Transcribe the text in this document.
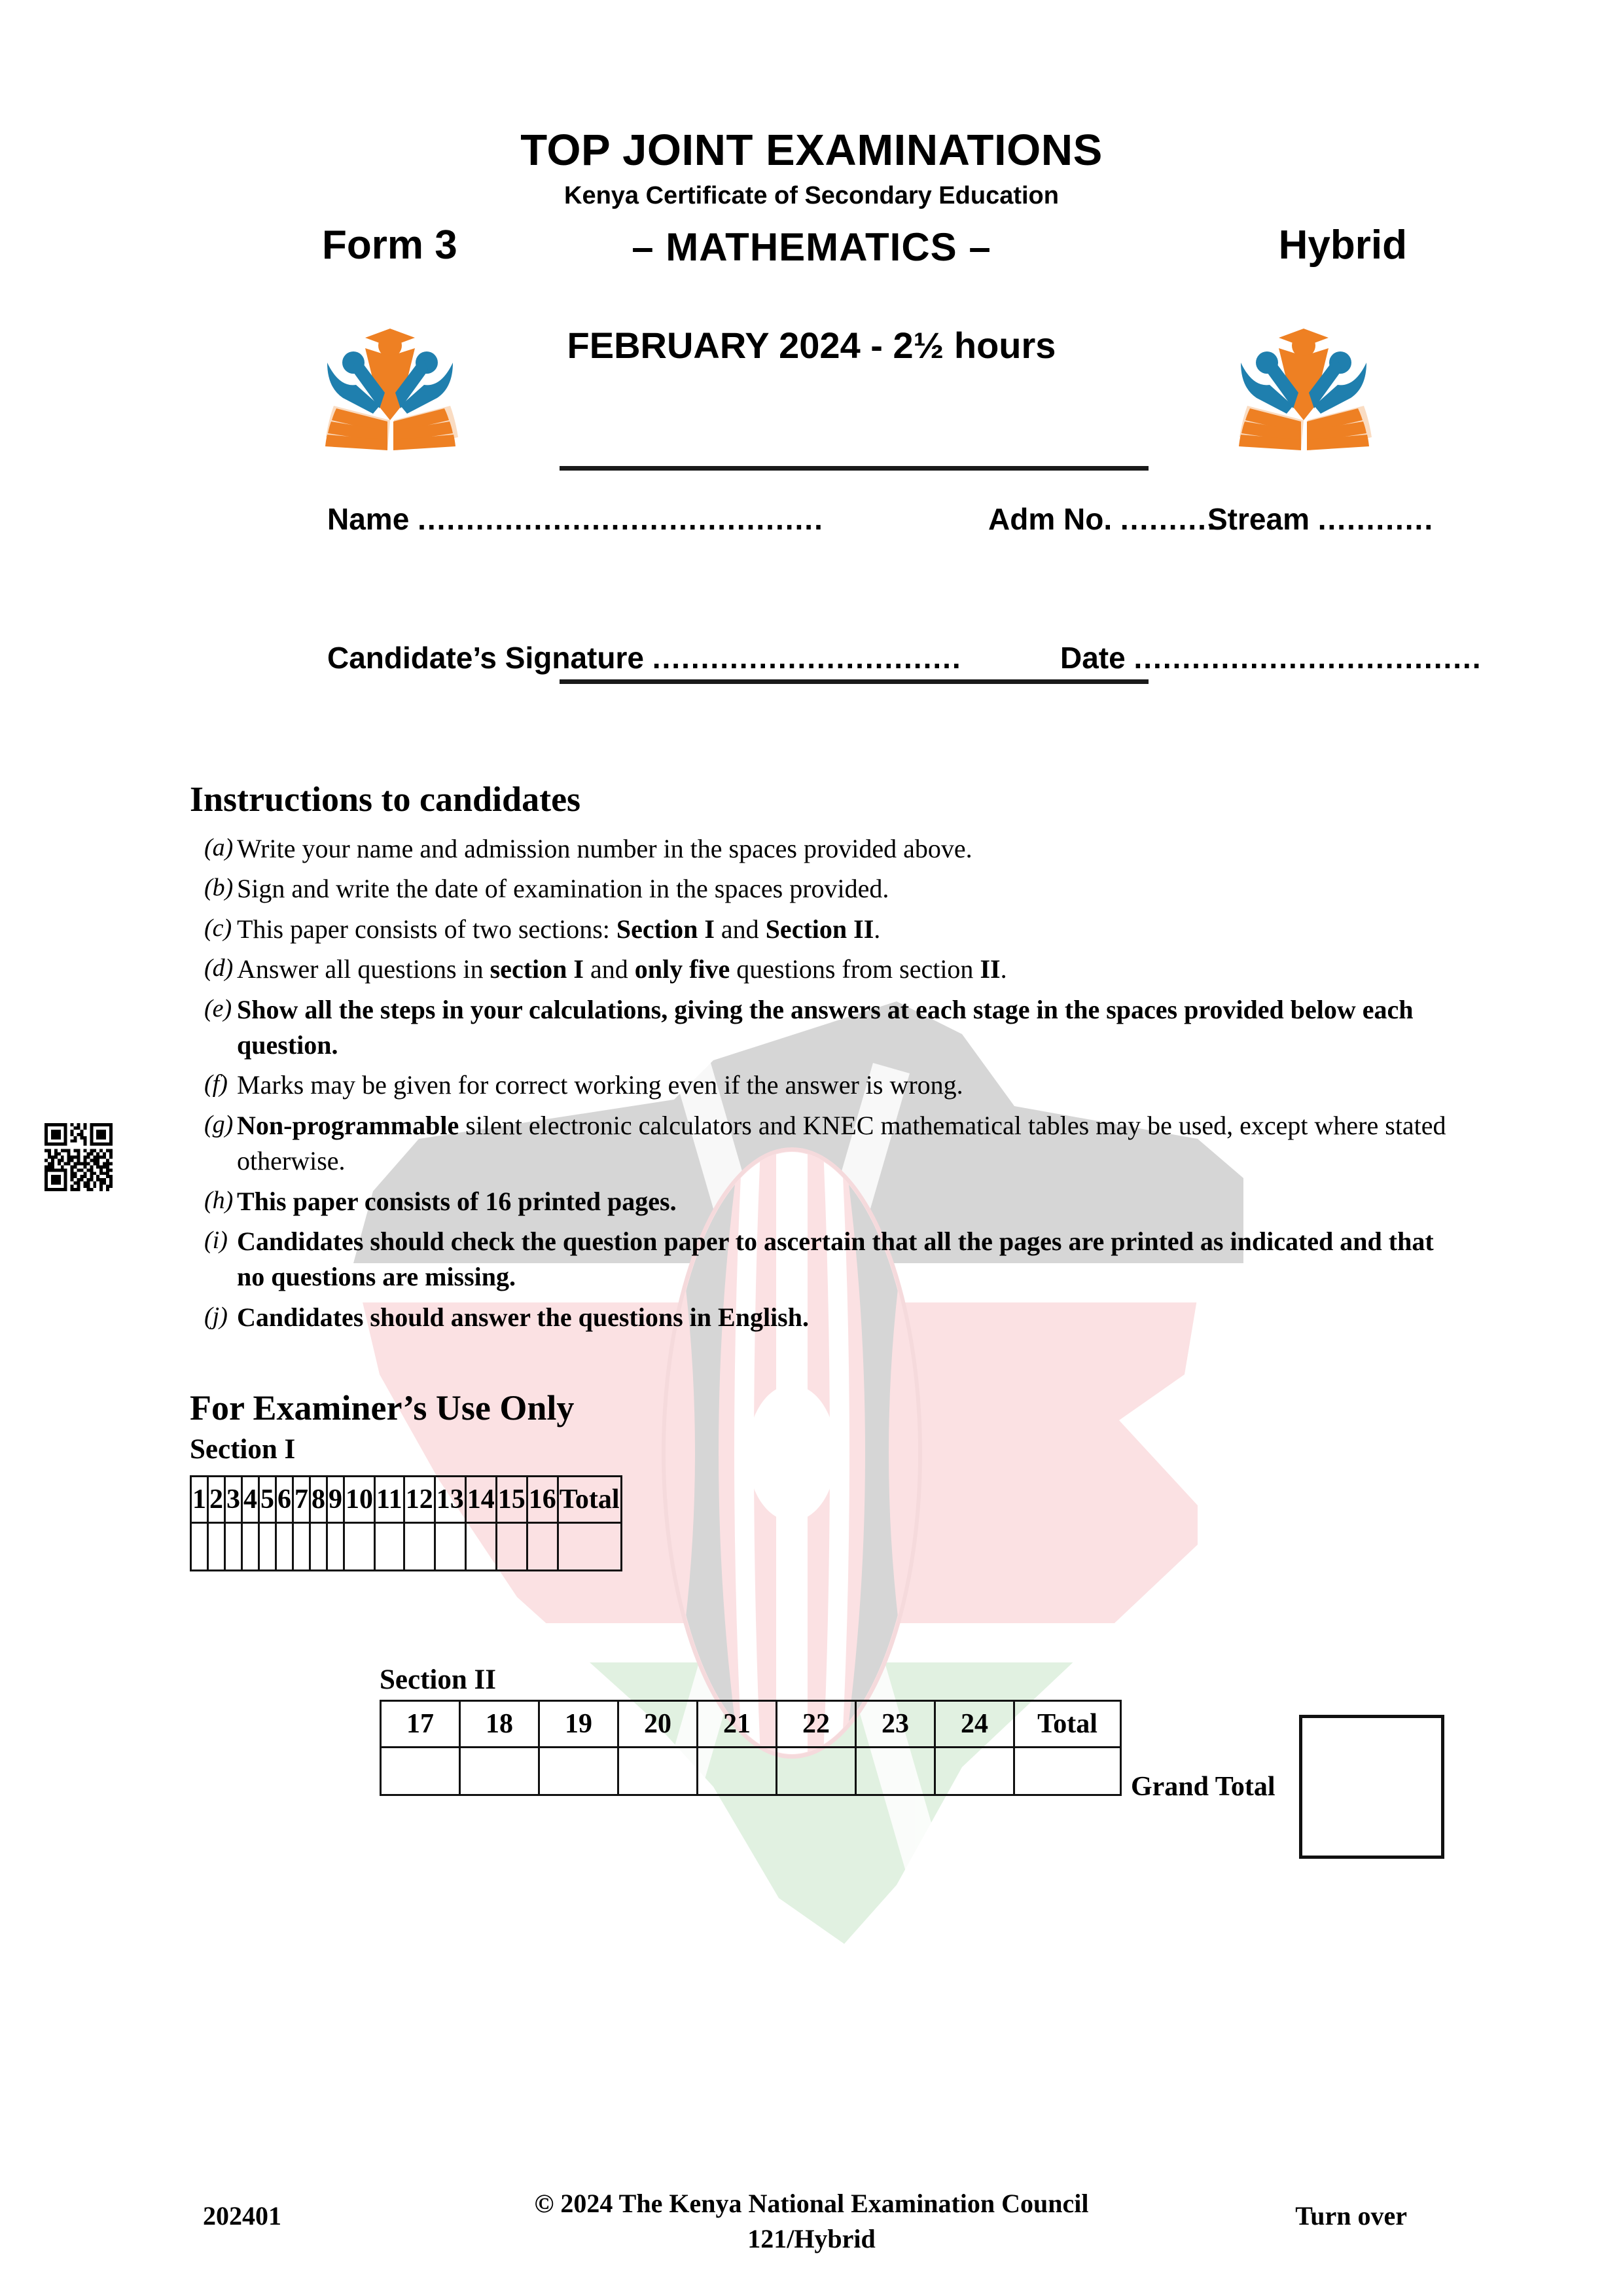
TOP JOINT EXAMINATIONS
Kenya Certificate of Secondary Education
Form 3	– MATHEMATICS –	Hybrid
FEBRUARY 2024 - 2½ hours
Name ..........................................	Adm No. ..........
Stream ............
Candidate’s Signature ................................	Date ....................................
Instructions to candidates
(a) Write your name and admission number in the spaces provided above.
(b) Sign and write the date of examination in the spaces provided.
(c) This paper consists of two sections: Section I and Section II.
(d) Answer all questions in section I and only five questions from section II.
(e) Show all the steps in your calculations, giving the answers at each stage in the spaces provided below each question.
(f) Marks may be given for correct working even if the answer is wrong.
(g) Non-programmable silent electronic calculators and KNEC mathematical tables may be used, except where stated otherwise.
(h) This paper consists of 16 printed pages.
(i) Candidates should check the question paper to ascertain that all the pages are printed as indicated and that no questions are missing.
(j) Candidates should answer the questions in English.
For Examiner’s Use Only
Section I
1	2	3	4	5	6	7	8	9	10	11	12	13	14	15	16	Total

Section II
17	18	19	20	21	22	23	24	Total

Grand Total
202401	© 2024 The Kenya National Examination Council
121/Hybrid
Turn over
